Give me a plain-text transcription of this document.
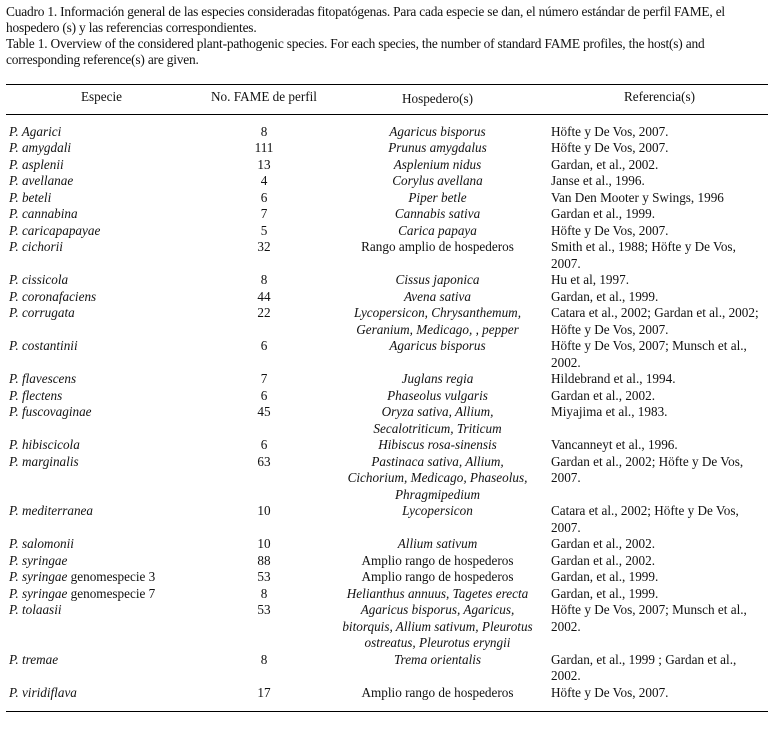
Cuadro 1. Información general de las especies consideradas fitopatógenas. Para cada especie se dan, el número estándar de perfil FAME, el hospedero (s) y las referencias correspondientes.
Table 1. Overview of the considered plant-pathogenic species. For each species, the number of standard FAME profiles, the host(s) and corresponding reference(s) are given.
Especie	No. FAME de perfil	Hospedero(s)	Referencia(s)
P. Agarici	8	Agaricus bisporus	Höfte y De Vos, 2007.
P. amygdali	111	Prunus amygdalus	Höfte y De Vos, 2007.
P. asplenii	13	Asplenium nidus	Gardan, et al., 2002.
P. avellanae	4	Corylus avellana	Janse et al., 1996.
P. beteli	6	Piper betle	Van Den Mooter y Swings, 1996
P. cannabina	7	Cannabis sativa	Gardan et al., 1999.
P. caricapapayae	5	Carica papaya	Höfte y De Vos, 2007.
P. cichorii	32	Rango amplio de hospederos	Smith et al., 1988; Höfte y De Vos, 2007.
P. cissicola	8	Cissus japonica	Hu et al, 1997.
P. coronafaciens	44	Avena sativa	Gardan, et al., 1999.
P. corrugata	22	Lycopersicon, Chrysanthemum, Geranium, Medicago, , pepper	Catara et al., 2002; Gardan et al., 2002; Höfte y De Vos, 2007.
P. costantinii	6	Agaricus bisporus	Höfte y De Vos, 2007; Munsch et al., 2002.
P. flavescens	7	Juglans regia	Hildebrand et al., 1994.
P. flectens	6	Phaseolus vulgaris	Gardan et al., 2002.
P. fuscovaginae	45	Oryza sativa, Allium, Secalotriticum, Triticum	Miyajima et al., 1983.
P. hibiscicola	6	Hibiscus rosa-sinensis	Vancanneyt et al., 1996.
P. marginalis	63	Pastinaca sativa, Allium, Cichorium, Medicago, Phaseolus, Phragmipedium	Gardan et al., 2002; Höfte y De Vos, 2007.
P. mediterranea	10	Lycopersicon	Catara et al., 2002; Höfte y De Vos, 2007.
P. salomonii	10	Allium sativum	Gardan et al., 2002.
P. syringae	88	Amplio rango de hospederos	Gardan et al., 2002.
P. syringae genomespecie 3	53	Amplio rango de hospederos	Gardan, et al., 1999.
P. syringae genomespecie 7	8	Helianthus annuus, Tagetes erecta	Gardan, et al., 1999.
P. tolaasii	53	Agaricus bisporus, Agaricus, bitorquis, Allium sativum, Pleurotus ostreatus, Pleurotus eryngii	Höfte y De Vos, 2007; Munsch et al., 2002.
P. tremae	8	Trema orientalis	Gardan, et al., 1999 ; Gardan et al., 2002.
P. viridiflava	17	Amplio rango de hospederos	Höfte y De Vos, 2007.
